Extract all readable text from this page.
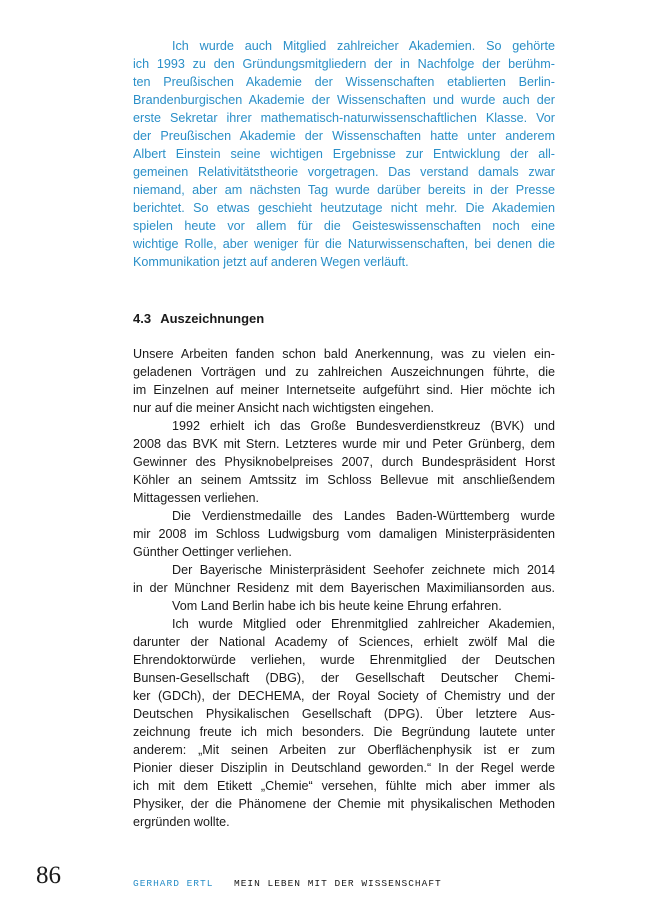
Ich wurde auch Mitglied zahlreicher Akademien. So gehörte
ich 1993 zu den Gründungsmitgliedern der in Nachfolge der berühm-
ten Preußischen Akademie der Wissenschaften etablierten Berlin-
Brandenburgischen Akademie der Wissenschaften und wurde auch der
erste Sekretar ihrer mathematisch-naturwissenschaftlichen Klasse. Vor
der Preußischen Akademie der Wissenschaften hatte unter anderem
Albert Einstein seine wichtigen Ergebnisse zur Entwicklung der all-
gemeinen Relativitätstheorie vorgetragen. Das verstand damals zwar
niemand, aber am nächsten Tag wurde darüber bereits in der Presse
berichtet. So etwas geschieht heutzutage nicht mehr. Die Akademien
spielen heute vor allem für die Geisteswissenschaften noch eine
wichtige Rolle, aber weniger für die Naturwissenschaften, bei denen die
Kommunikation jetzt auf anderen Wegen verläuft.
4.3 Auszeichnungen
Unsere Arbeiten fanden schon bald Anerkennung, was zu vielen ein-
geladenen Vorträgen und zu zahlreichen Auszeichnungen führte, die
im Einzelnen auf meiner Internetseite aufgeführt sind. Hier möchte ich
nur auf die meiner Ansicht nach wichtigsten eingehen.
1992 erhielt ich das Große Bundesverdienstkreuz (BVK) und
2008 das BVK mit Stern. Letzteres wurde mir und Peter Grünberg, dem
Gewinner des Physiknobelpreises 2007, durch Bundespräsident Horst
Köhler an seinem Amtssitz im Schloss Bellevue mit anschließendem
Mittagessen verliehen.
Die Verdienstmedaille des Landes Baden-Württemberg wurde
mir 2008 im Schloss Ludwigsburg vom damaligen Ministerpräsidenten
Günther Oettinger verliehen.
Der Bayerische Ministerpräsident Seehofer zeichnete mich 2014
in der Münchner Residenz mit dem Bayerischen Maximiliansorden aus.
Vom Land Berlin habe ich bis heute keine Ehrung erfahren.
Ich wurde Mitglied oder Ehrenmitglied zahlreicher Akademien,
darunter der National Academy of Sciences, erhielt zwölf Mal die
Ehrendoktorwürde verliehen, wurde Ehrenmitglied der Deutschen
Bunsen-Gesellschaft (DBG), der Gesellschaft Deutscher Chemi-
ker (GDCh), der DECHEMA, der Royal Society of Chemistry und der
Deutschen Physikalischen Gesellschaft (DPG). Über letztere Aus-
zeichnung freute ich mich besonders. Die Begründung lautete unter
anderem: „Mit seinen Arbeiten zur Oberflächenphysik ist er zum
Pionier dieser Disziplin in Deutschland geworden.“ In der Regel werde
ich mit dem Etikett „Chemie“ versehen, fühlte mich aber immer als
Physiker, der die Phänomene der Chemie mit physikalischen Methoden
ergründen wollte.
86	GERHARD ERTL MEIN LEBEN MIT DER WISSENSCHAFT
